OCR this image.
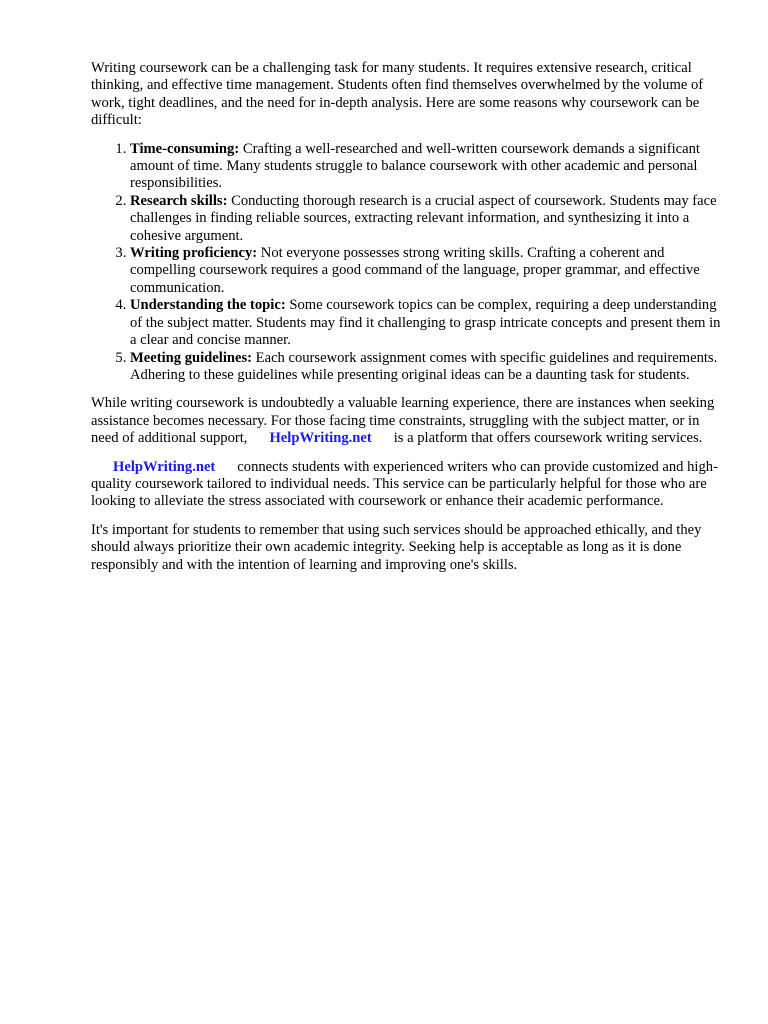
Writing coursework can be a challenging task for many students. It requires extensive research, critical thinking, and effective time management. Students often find themselves overwhelmed by the volume of work, tight deadlines, and the need for in-depth analysis. Here are some reasons why coursework can be difficult:

1. Time-consuming: Crafting a well-researched and well-written coursework demands a significant amount of time. Many students struggle to balance coursework with other academic and personal responsibilities.
2. Research skills: Conducting thorough research is a crucial aspect of coursework. Students may face challenges in finding reliable sources, extracting relevant information, and synthesizing it into a cohesive argument.
3. Writing proficiency: Not everyone possesses strong writing skills. Crafting a coherent and compelling coursework requires a good command of the language, proper grammar, and effective communication.
4. Understanding the topic: Some coursework topics can be complex, requiring a deep understanding of the subject matter. Students may find it challenging to grasp intricate concepts and present them in a clear and concise manner.
5. Meeting guidelines: Each coursework assignment comes with specific guidelines and requirements. Adhering to these guidelines while presenting original ideas can be a daunting task for students.

While writing coursework is undoubtedly a valuable learning experience, there are instances when seeking assistance becomes necessary. For those facing time constraints, struggling with the subject matter, or in need of additional support, HelpWriting.net is a platform that offers coursework writing services.

HelpWriting.net connects students with experienced writers who can provide customized and high-quality coursework tailored to individual needs. This service can be particularly helpful for those who are looking to alleviate the stress associated with coursework or enhance their academic performance.

It's important for students to remember that using such services should be approached ethically, and they should always prioritize their own academic integrity. Seeking help is acceptable as long as it is done responsibly and with the intention of learning and improving one's skills.
